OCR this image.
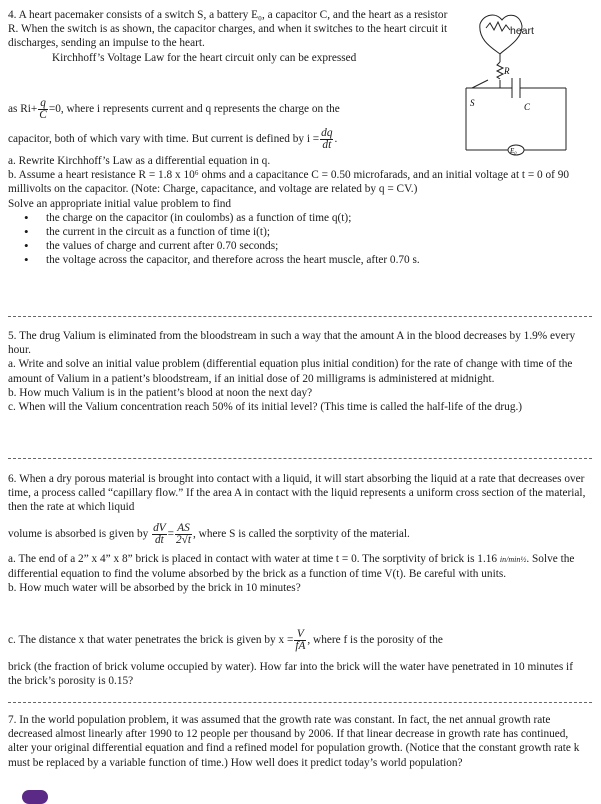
4. A heart pacemaker consists of a switch S, a battery E₀, a capacitor C, and the heart as a resistor R. When the switch is as shown, the capacitor charges, and when it switches to the heart circuit it discharges, sending an impulse to the heart.

Kirchhoff’s Voltage Law for the heart circuit only can be expressed

as $Ri+ \frac{q}{C} =0$, where i represents current and q represents the charge on the
capacitor, both of which vary with time. But current is defined by $i = \frac{dq}{dt}$ .

a. Rewrite Kirchhoff’s Law as a differential equation in q.

b. Assume a heart resistance R = 1.8 x 10⁶ ohms and a capacitance C = 0.50 microfarads, and an initial voltage at t = 0 of 90 millivolts on the capacitor. (Note: Charge, capacitance, and voltage are related by q = CV.)

Solve an appropriate initial value problem to find

• the charge on the capacitor (in coulombs) as a function of time q(t);
• the current in the circuit as a function of time i(t);
• the values of charge and current after 0.70 seconds;
• the voltage across the capacitor, and therefore across the heart muscle, after 0.70 s.
R
S	C
E₀
heart

5. The drug Valium is eliminated from the bloodstream in such a way that the amount A in the blood decreases by 1.9% every hour.

a. Write and solve an initial value problem (differential equation plus initial condition) for the rate of change with time of the amount of Valium in a patient’s bloodstream, if an initial dose of 20 milligrams is administered at midnight.

b. How much Valium is in the patient’s blood at noon the next day?

c. When will the Valium concentration reach 50% of its initial level? (This time is called the half-life of the drug.)

6. When a dry porous material is brought into contact with a liquid, it will start absorbing the liquid at a rate that decreases over time, a process called “capillary flow.” If the area A in contact with the liquid represents a uniform cross section of the material, then the rate at which liquid

volume is absorbed is given by $\frac{dV}{dt} = \frac{AS}{2√t}$ , where S is called the sorptivity of the material.

a. The end of a 2” x 4” x 8” brick is placed in contact with water at time t = 0. The sorptivity of brick is 1.16 in/min½. Solve the differential equation to find the volume absorbed by the brick as a function of time V(t). Be careful with units.

b. How much water will be absorbed by the brick in 10 minutes?

c. The distance x that water penetrates the brick is given by $x = \frac{V}{fA}$ , where f is the porosity of the

brick (the fraction of brick volume occupied by water). How far into the brick will the water have penetrated in 10 minutes if the brick’s porosity is 0.15?

7. In the world population problem, it was assumed that the growth rate was constant. In fact, the net annual growth rate decreased almost linearly after 1990 to 12 people per thousand by 2006. If that linear decrease in growth rate has continued, alter your original differential equation and find a refined model for population growth. (Notice that the constant growth rate k must be replaced by a variable function of time.) How well does it predict today’s world population?
